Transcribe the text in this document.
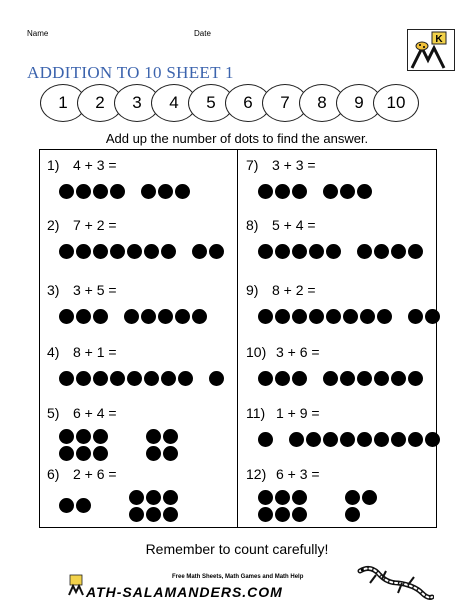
Name	Date
ADDITION TO 10 SHEET 1
K
1	2	3	4	5	6	7	8	9	10
Add up the number of dots to find the answer.
1) 4 + 3 =
2) 7 + 2 =
3) 3 + 5 =
4) 8 + 1 =
5) 6 + 4 =
6) 2 + 6 =
7) 3 + 3 =
8) 5 + 4 =
9) 8 + 2 =
10) 3 + 6 =
11) 1 + 9 =
12) 6 + 3 =
Remember to count carefully!
Free Math Sheets, Math Games and Math Help
ATH-SALAMANDERS.COM
